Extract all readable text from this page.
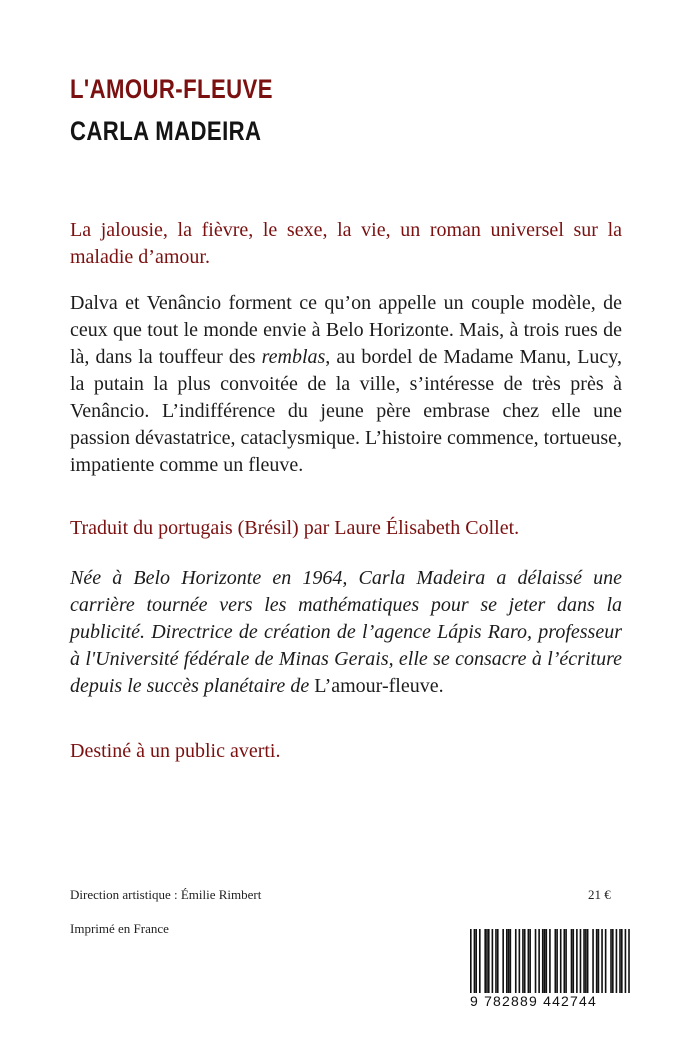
L'AMOUR-FLEUVE
CARLA MADEIRA

La jalousie, la fièvre, le sexe, la vie, un roman universel sur la maladie d’amour.

Dalva et Venâncio forment ce qu’on appelle un couple modèle, de ceux que tout le monde envie à Belo Horizonte. Mais, à trois rues de là, dans la touffeur des remblas, au bordel de Madame Manu, Lucy, la putain la plus convoitée de la ville, s’intéresse de très près à Venâncio. L’indifférence du jeune père embrase chez elle une passion dévastatrice, cataclysmique. L’histoire commence, tortueuse, impatiente comme un fleuve.

Traduit du portugais (Brésil) par Laure Élisabeth Collet.

Née à Belo Horizonte en 1964, Carla Madeira a délaissé une carrière tournée vers les mathématiques pour se jeter dans la publicité. Directrice de création de l’agence Lápis Raro, professeur à l'Université fédérale de Minas Gerais, elle se consacre à l’écriture depuis le succès planétaire de L’amour-fleuve.

Destiné à un public averti.

Direction artistique : Émilie Rimbert

Imprimé en France

21 €

9 782889 442744
